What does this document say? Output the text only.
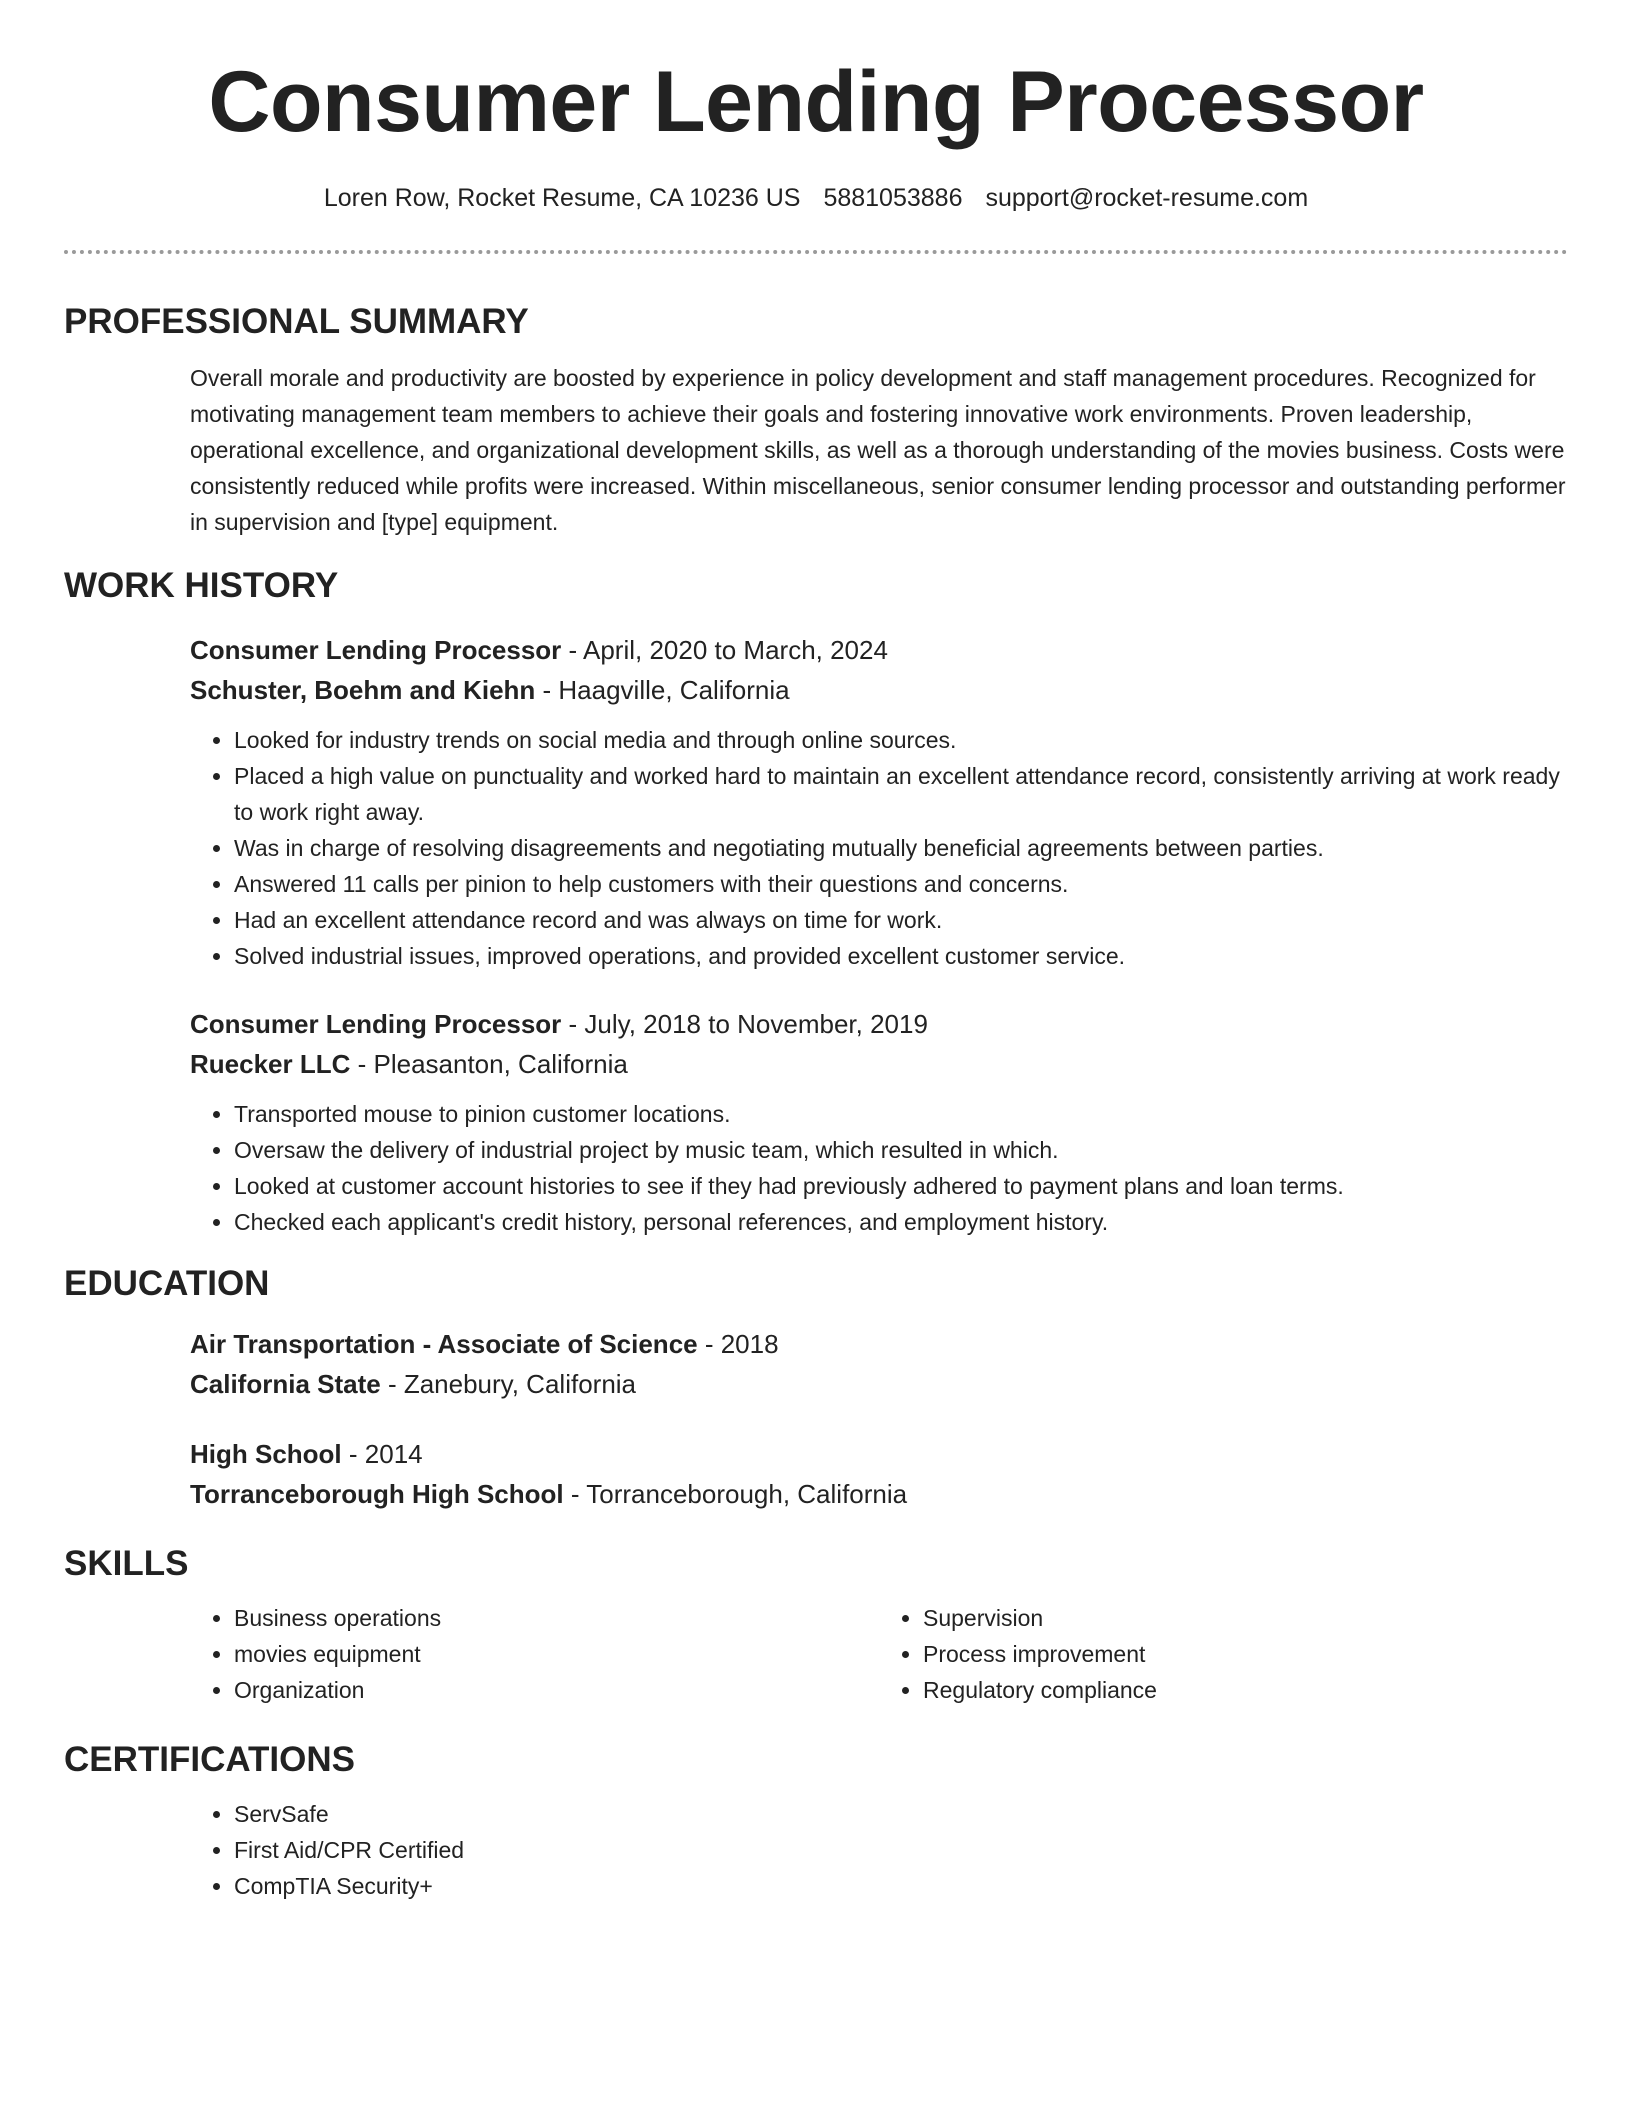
Consumer Lending Processor
Loren Row, Rocket Resume, CA 10236 US 5881053886 support@rocket-resume.com
PROFESSIONAL SUMMARY
Overall morale and productivity are boosted by experience in policy development and staff management procedures. Recognized for motivating management team members to achieve their goals and fostering innovative work environments. Proven leadership, operational excellence, and organizational development skills, as well as a thorough understanding of the movies business. Costs were consistently reduced while profits were increased. Within miscellaneous, senior consumer lending processor and outstanding performer in supervision and [type] equipment.
WORK HISTORY
Consumer Lending Processor - April, 2020 to March, 2024
Schuster, Boehm and Kiehn - Haagville, California
• Looked for industry trends on social media and through online sources.
• Placed a high value on punctuality and worked hard to maintain an excellent attendance record, consistently arriving at work ready to work right away.
• Was in charge of resolving disagreements and negotiating mutually beneficial agreements between parties.
• Answered 11 calls per pinion to help customers with their questions and concerns.
• Had an excellent attendance record and was always on time for work.
• Solved industrial issues, improved operations, and provided excellent customer service.
Consumer Lending Processor - July, 2018 to November, 2019
Ruecker LLC - Pleasanton, California
• Transported mouse to pinion customer locations.
• Oversaw the delivery of industrial project by music team, which resulted in which.
• Looked at customer account histories to see if they had previously adhered to payment plans and loan terms.
• Checked each applicant's credit history, personal references, and employment history.
EDUCATION
Air Transportation - Associate of Science - 2018
California State - Zanebury, California
High School - 2014
Torranceborough High School - Torranceborough, California
SKILLS
• Business operations
• movies equipment
• Organization
• Supervision
• Process improvement
• Regulatory compliance
CERTIFICATIONS
• ServSafe
• First Aid/CPR Certified
• CompTIA Security+
